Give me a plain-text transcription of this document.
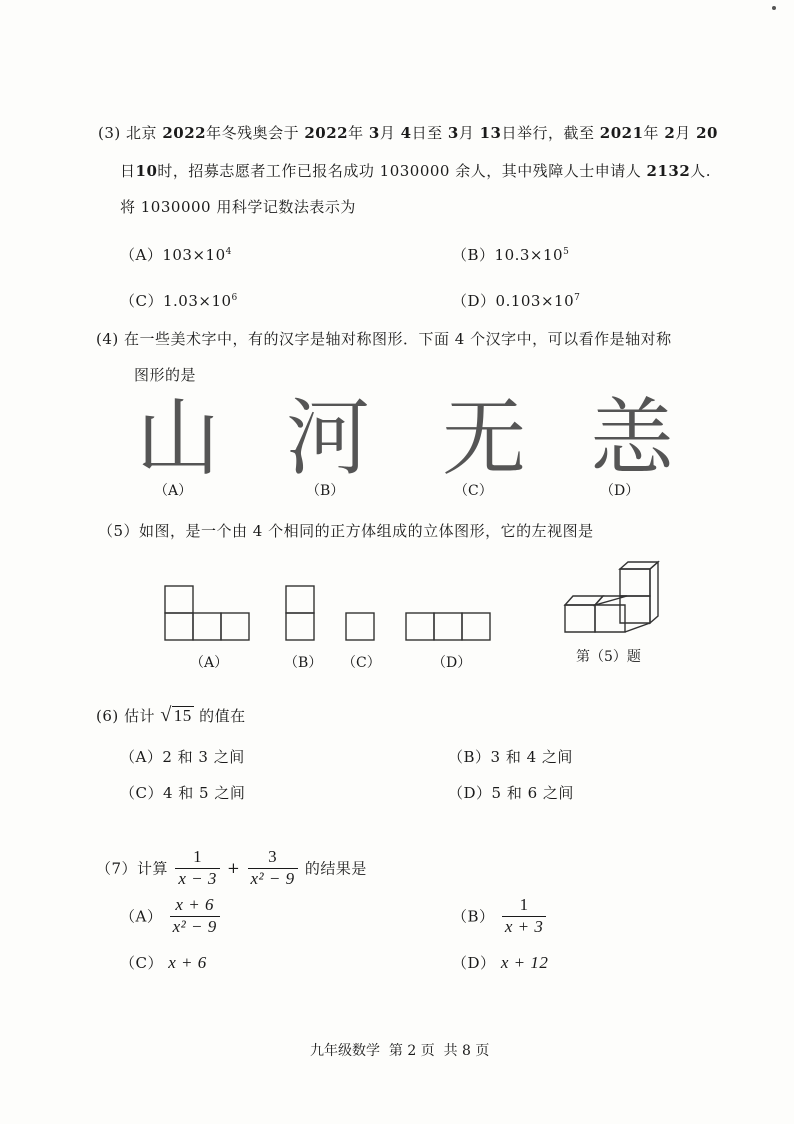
(3) 北京 2022年冬残奥会于 2022年 3月 4日至 3月 13日举行，截至 2021年 2月 20
日10时，招募志愿者工作已报名成功 1030000 余人，其中残障人士申请人 2132人.
将 1030000 用科学记数法表示为
$(A)103\times 10^4$	$(B)10.3\times 10^5$
$(C)1.03\times 10^6$	$(D)0.103\times 10^7$
(4) 在一些美术字中，有的汉字是轴对称图形．下面 4 个汉字中，可以看作是轴对称
图形的是
山 河 无 恙
（A）	（B）	（C）	（D）
（5）如图，是一个由 4 个相同的正方体组成的立体图形，它的左视图是
（A）	（B） （C）	（D）	第（5）题
(6) 估计 √ 15 的值在
（A）2 和 3 之间	（B）3 和 4 之间
（C）4 和 5 之间	（D）5 和 6 之间
（7）计算 $\frac{1}{x - 3} + \frac{3}{\text{x² − 9}}$ 的结果是
$(A) \frac{x + 6}{\text{x² − 9}}$	$(B) \frac{1}{x + 3}$
（C） x + 6	（D） x + 12
九年级数学  第 2 页  共 8 页
